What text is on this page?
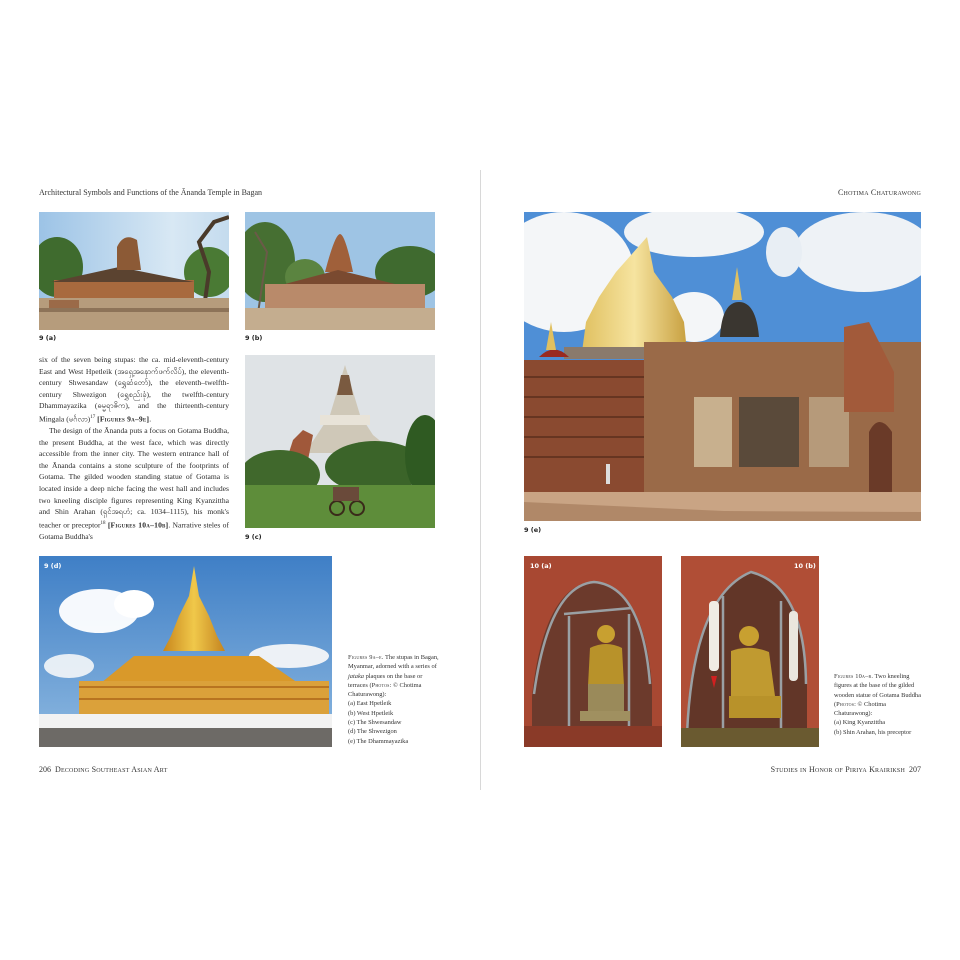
Architectural Symbols and Functions of the Ānanda Temple in Bagan
9 (a)	9 (b)

six of the seven being stupas: the ca. mid-eleventh-century East and West Hpetleik (အရှေ့အနောက်ဖက်လိပ်), the eleventh-century Shwesandaw (ရွှေဆံတော်), the eleventh–twelfth-century Shwezigon (ရွှေစည်းခုံ), the twelfth-century Dhammayazika (ဓမ္မရာဇိက), and the thirteenth-century Mingala (မင်္ဂလာ)$^{17}$ [Figures 9a–9e].

The design of the Ānanda puts a focus on Gotama Buddha, the present Buddha, at the west face, which was directly accessible from the inner city. The western entrance hall of the Ānanda contains a stone sculpture of the footprints of Gotama. The gilded wooden standing statue of Gotama is located inside a deep niche facing the west hall and includes two kneeling disciple figures representing King Kyanzittha and Shin Arahan (ရှင်အရဟံ; ca. 1034–1115), his monk's teacher or preceptor$^{18}$ [Figures 10a–10b]. Narrative steles of Gotama Buddha's	9 (c)
9 (d)
Figures 9a–e. The stupas in Bagan, Myanmar, adorned with a series of jataka plaques on the base or terraces (Photos: © Chotima Chaturawong):
(a) East Hpetleik
(b) West Hpetleik
(c) The Shwesandaw
(d) The Shwezigon
(e) The Dhammayazika
206 Decoding Southeast Asian Art
Chotima Chaturawong
9 (e)
10 (a)	10 (b)
Figures 10a–b. Two kneeling figures at the base of the gilded wooden statue of Gotama Buddha (Photos: © Chotima Chaturawong):
(a) King Kyanzittha
(b) Shin Arahan, his preceptor
Studies in Honor of Piriya Krairiksh 207
